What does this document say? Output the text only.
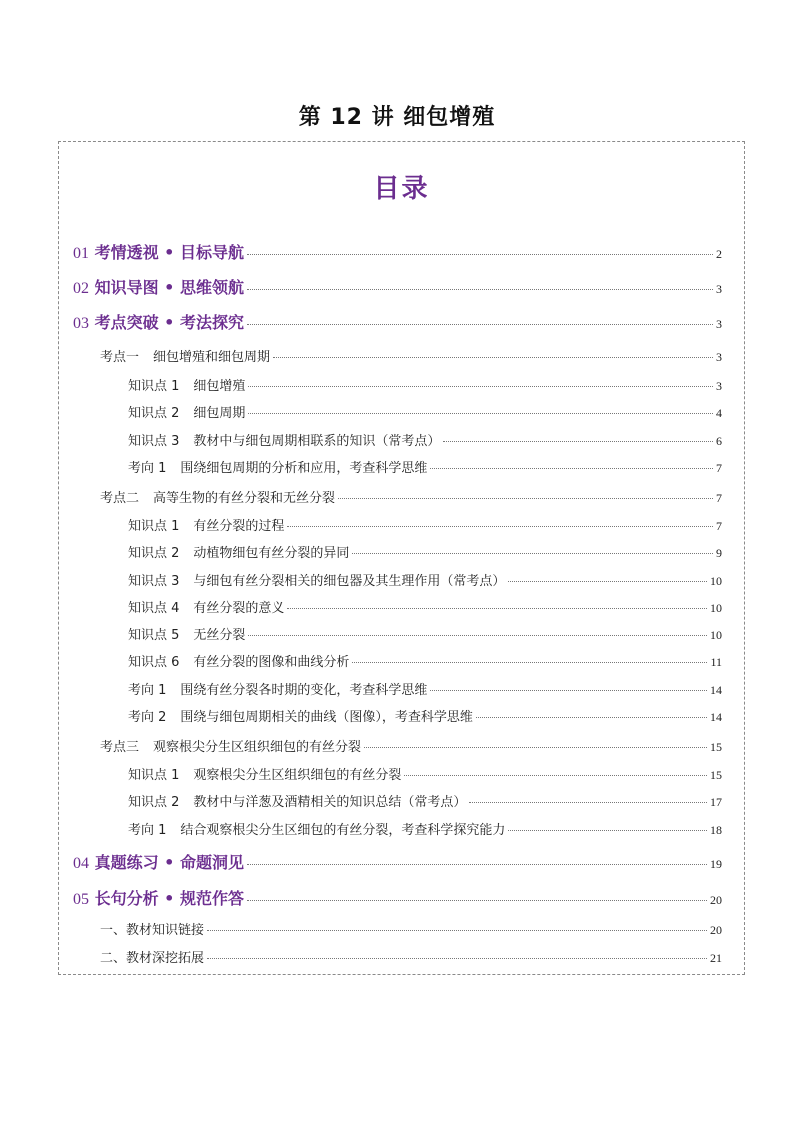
第 12 讲 细包增殖
目录
01 考情透视 • 目标导航	2
02 知识导图 • 思维领航	3
03 考点突破 • 考法探究	3
考点一 细包增殖和细包周期	3
知识点 1 细包增殖	3
知识点 2 细包周期	4
知识点 3 教材中与细包周期相联系的知识（常考点）	6
考向 1 围绕细包周期的分析和应用，考查科学思维	7
考点二 高等生物的有丝分裂和无丝分裂	7
知识点 1 有丝分裂的过程	7
知识点 2 动植物细包有丝分裂的异同	9
知识点 3 与细包有丝分裂相关的细包器及其生理作用（常考点）	10
知识点 4 有丝分裂的意义	10
知识点 5 无丝分裂	10
知识点 6 有丝分裂的图像和曲线分析	11
考向 1 围绕有丝分裂各时期的变化，考查科学思维	14
考向 2 围绕与细包周期相关的曲线（图像），考查科学思维	14
考点三 观察根尖分生区组织细包的有丝分裂	15
知识点 1 观察根尖分生区组织细包的有丝分裂	15
知识点 2 教材中与洋葱及酒精相关的知识总结（常考点）	17
考向 1 结合观察根尖分生区细包的有丝分裂，考查科学探究能力	18
04 真题练习 • 命题洞见	19
05 长句分析 • 规范作答	20
一、教材知识链接	20
二、教材深挖拓展	21
